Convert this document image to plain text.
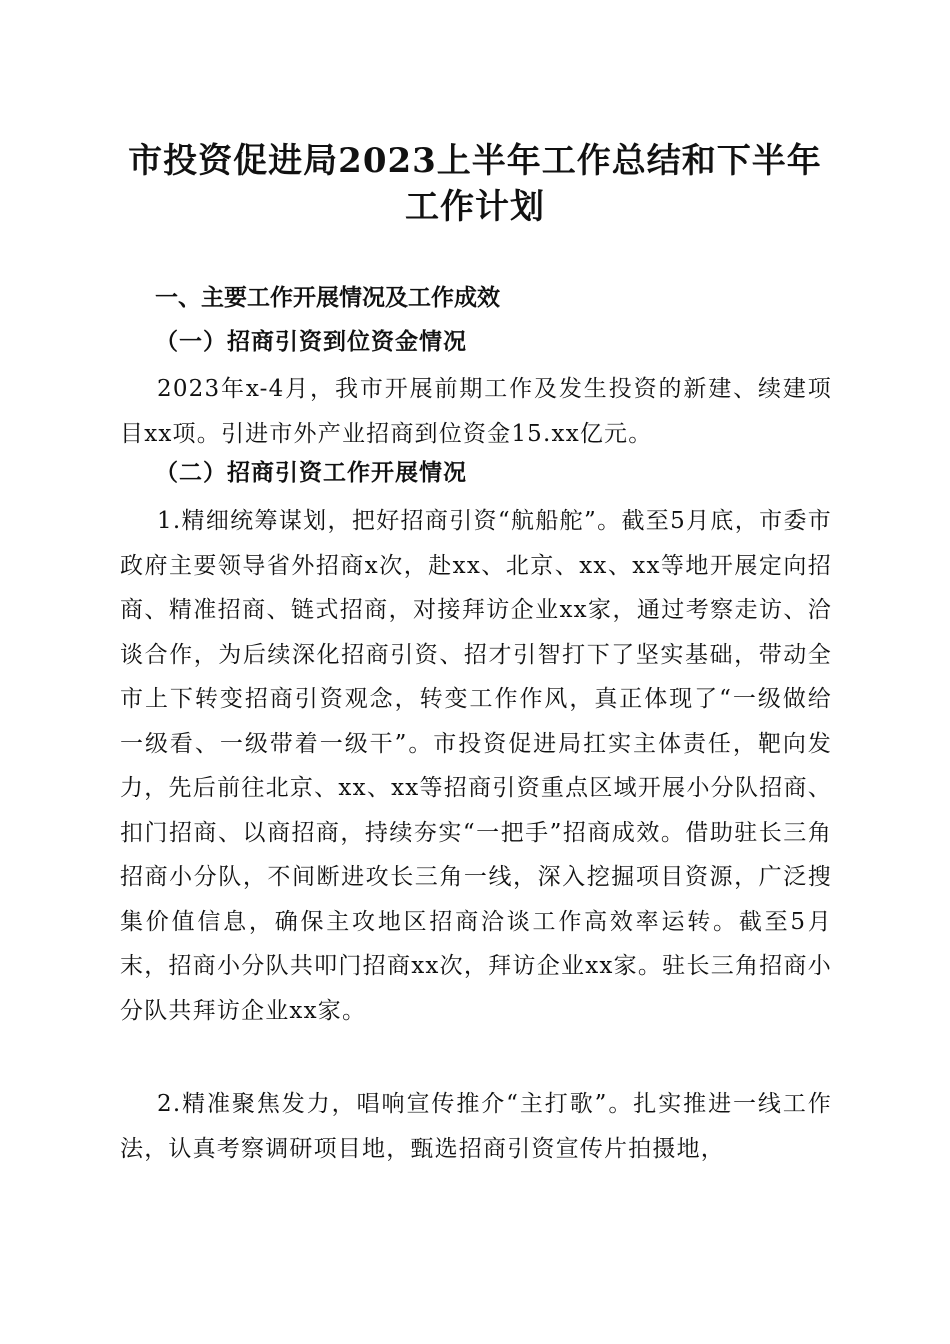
市投资促进局2023上半年工作总结和下半年
工作计划
一、主要工作开展情况及工作成效
（一）招商引资到位资金情况

2023年x-4月，我市开展前期工作及发生投资的新建、续建项目xx项。引进市外产业招商到位资金15.xx亿元。

（二）招商引资工作开展情况

1.精细统筹谋划，把好招商引资“航船舵”。截至5月底，市委市政府主要领导省外招商x次，赴xx、北京、xx、xx等地开展定向招商、精准招商、链式招商，对接拜访企业xx家，通过考察走访、洽谈合作，为后续深化招商引资、招才引智打下了坚实基础，带动全市上下转变招商引资观念，转变工作作风，真正体现了“一级做给一级看、一级带着一级干”。市投资促进局扛实主体责任，靶向发力，先后前往北京、xx、xx等招商引资重点区域开展小分队招商、扣门招商、以商招商，持续夯实“一把手”招商成效。借助驻长三角招商小分队，不间断进攻长三角一线，深入挖掘项目资源，广泛搜集价值信息，确保主攻地区招商洽谈工作高效率运转。截至5月末，招商小分队共叩门招商xx次，拜访企业xx家。驻长三角招商小分队共拜访企业xx家。

2.精准聚焦发力，唱响宣传推介“主打歌”。扎实推进一线工作法，认真考察调研项目地，甄选招商引资宣传片拍摄地，
